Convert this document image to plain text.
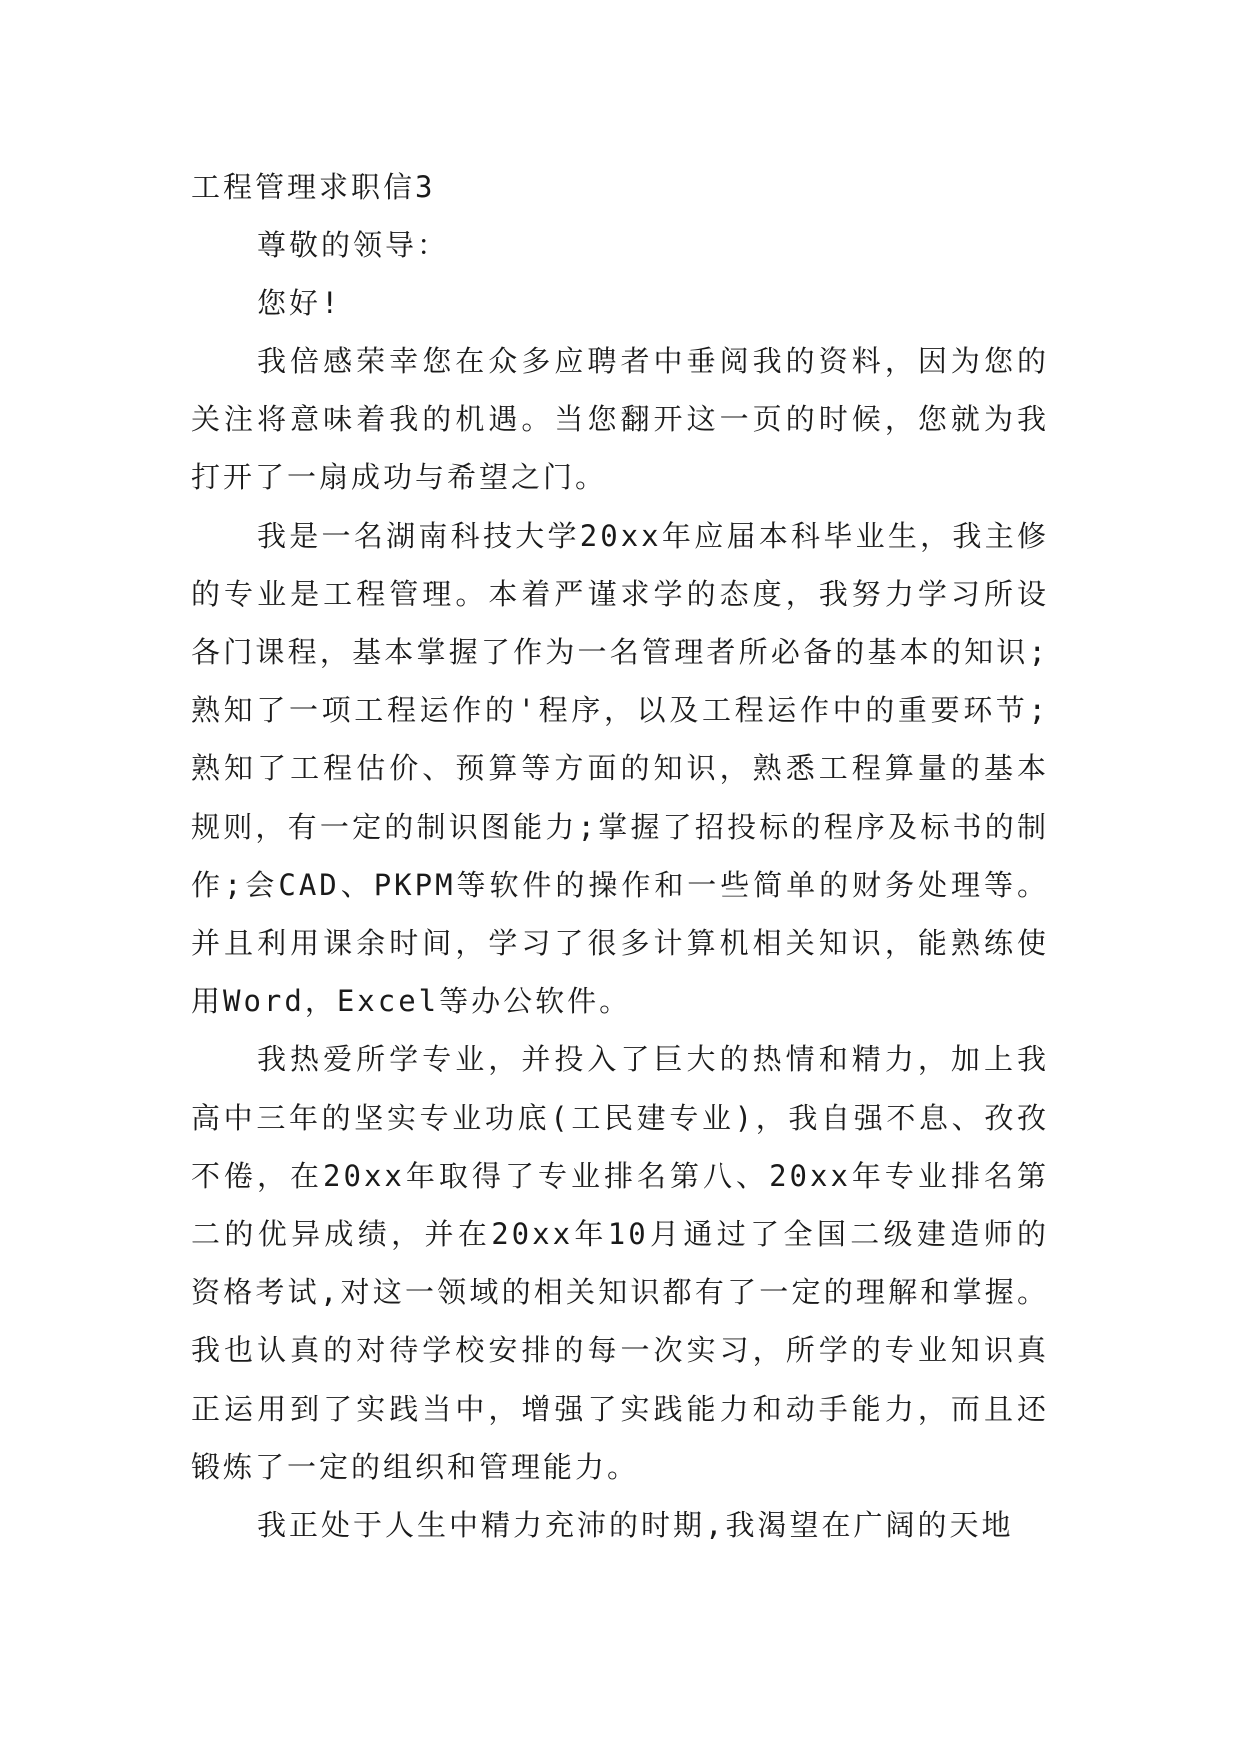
工程管理求职信3

尊敬的领导：

您好!

我倍感荣幸您在众多应聘者中垂阅我的资料，因为您的关注将意味着我的机遇。当您翻开这一页的时候，您就为我打开了一扇成功与希望之门。

我是一名湖南科技大学20xx年应届本科毕业生，我主修的专业是工程管理。本着严谨求学的态度，我努力学习所设各门课程，基本掌握了作为一名管理者所必备的基本的知识;熟知了一项工程运作的'程序，以及工程运作中的重要环节;熟知了工程估价、预算等方面的知识，熟悉工程算量的基本规则，有一定的制识图能力;掌握了招投标的程序及标书的制作;会CAD、PKPM等软件的操作和一些简单的财务处理等。并且利用课余时间，学习了很多计算机相关知识，能熟练使用Word，Excel等办公软件。

我热爱所学专业，并投入了巨大的热情和精力，加上我高中三年的坚实专业功底(工民建专业)，我自强不息、孜孜不倦，在20xx年取得了专业排名第八、20xx年专业排名第二的优异成绩，并在20xx年10月通过了全国二级建造师的资格考试,对这一领域的相关知识都有了一定的理解和掌握。我也认真的对待学校安排的每一次实习，所学的专业知识真正运用到了实践当中，增强了实践能力和动手能力，而且还锻炼了一定的组织和管理能力。

我正处于人生中精力充沛的时期,我渴望在广阔的天地
